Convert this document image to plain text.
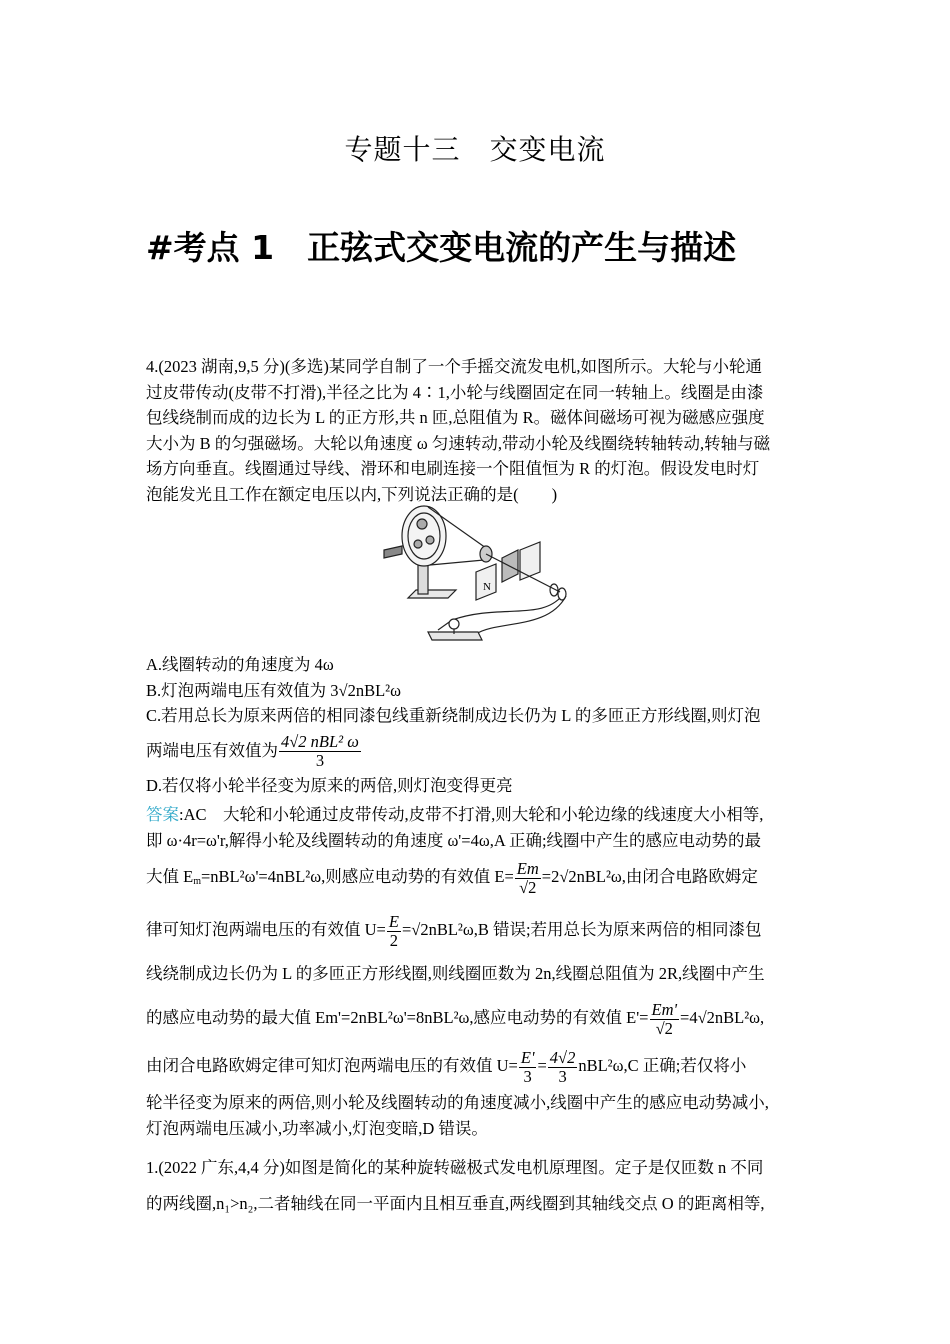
专题十三　交变电流
#考点 1　正弦式交变电流的产生与描述
4.(2023 湖南,9,5 分)(多选)某同学自制了一个手摇交流发电机,如图所示。大轮与小轮通
过皮带传动(皮带不打滑),半径之比为 4∶1,小轮与线圈固定在同一转轴上。线圈是由漆
包线绕制而成的边长为 L 的正方形,共 n 匝,总阻值为 R。磁体间磁场可视为磁感应强度
大小为 B 的匀强磁场。大轮以角速度 ω 匀速转动,带动小轮及线圈绕转轴转动,转轴与磁
场方向垂直。线圈通过导线、滑环和电刷连接一个阻值恒为 R 的灯泡。假设发电时灯
泡能发光且工作在额定电压以内,下列说法正确的是(　　)
N
A.线圈转动的角速度为 4ω
B.灯泡两端电压有效值为 3√2nBL²ω
C.若用总长为原来两倍的相同漆包线重新绕制成边长仍为 L 的多匝正方形线圈,则灯泡
两端电压有效值为 $\frac{\text{4√2 nBL² ω}}{3}$
D.若仅将小轮半径变为原来的两倍,则灯泡变得更亮
答案:AC　大轮和小轮通过皮带传动,皮带不打滑,则大轮和小轮边缘的线速度大小相等,
即 ω·4r=ω'r,解得小轮及线圈转动的角速度 ω'=4ω,A 正确;线圈中产生的感应电动势的最
大值 $E_m=nBL^2\omega'=4nBL^2\omega$,则感应电动势的有效值 $E= \frac{Em}{√2} =2√2nBL^2\omega$,由闭合电路欧姆定
律可知灯泡两端电压的有效值 $U= \frac{E}{2} =√2nBL^2\omega,B$ 错误;若用总长为原来两倍的相同漆包
线绕制成边长仍为 L 的多匝正方形线圈,则线圈匝数为 2n,线圈总阻值为 2R,线圈中产生
的感应电动势的最大值 Em'=2nBL²ω'=8nBL²ω,感应电动势的有效值 $E'= \frac{Em'}{√2} =4√2nBL^2\omega$,
由闭合电路欧姆定律可知灯泡两端电压的有效值 $U= \frac{E'}{3} = \frac{4√2}{3} nBL^2\omega,C$ 正确;若仅将小
轮半径变为原来的两倍,则小轮及线圈转动的角速度减小,线圈中产生的感应电动势减小,
灯泡两端电压减小,功率减小,灯泡变暗,D 错误。
1.(2022 广东,4,4 分)如图是简化的某种旋转磁极式发电机原理图。定子是仅匝数 n 不同
的两线圈,n₁>n₂,二者轴线在同一平面内且相互垂直,两线圈到其轴线交点 O 的距离相等,
